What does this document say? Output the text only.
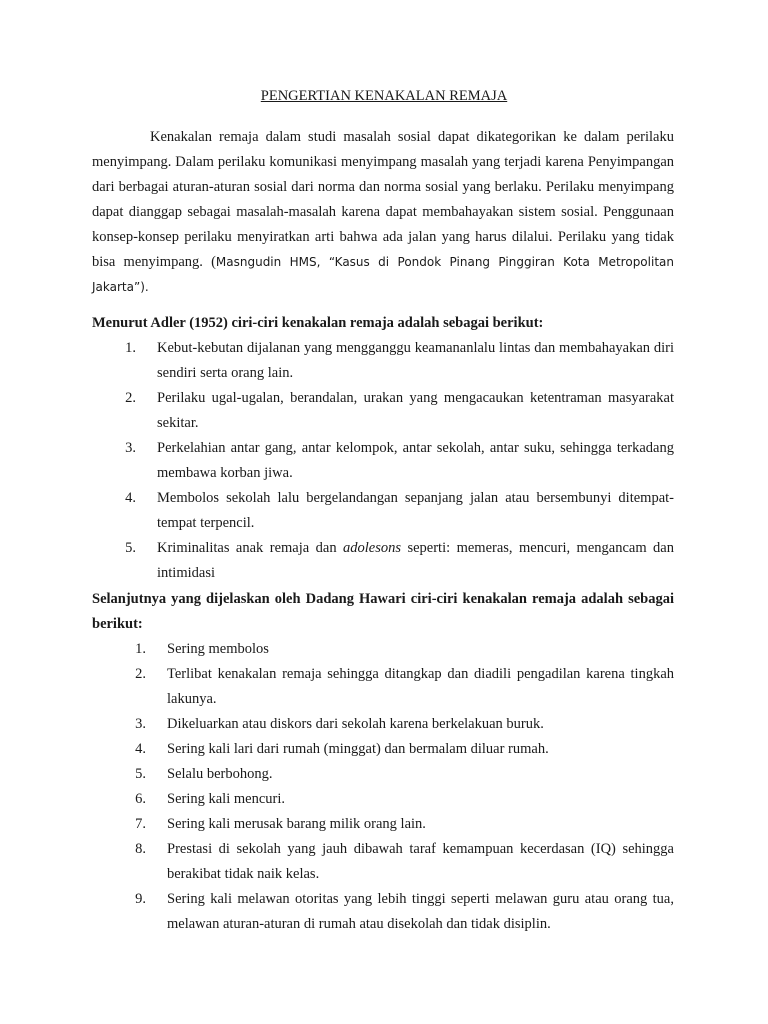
PENGERTIAN KENAKALAN REMAJA
Kenakalan remaja dalam studi masalah sosial dapat dikategorikan ke dalam perilaku menyimpang. Dalam perilaku komunikasi menyimpang masalah yang terjadi karena Penyimpangan dari berbagai aturan-aturan sosial dari norma dan norma sosial yang berlaku. Perilaku menyimpang dapat dianggap sebagai masalah-masalah karena dapat membahayakan sistem sosial. Penggunaan konsep-konsep perilaku menyiratkan arti bahwa ada jalan yang harus dilalui. Perilaku yang tidak bisa menyimpang. (Masngudin HMS, “Kasus di Pondok Pinang Pinggiran Kota Metropolitan Jakarta”).
Menurut Adler (1952) ciri-ciri kenakalan remaja adalah sebagai berikut:
1. Kebut-kebutan dijalanan yang mengganggu keamananlalu lintas dan membahayakan diri sendiri serta orang lain.
2. Perilaku ugal-ugalan, berandalan, urakan yang mengacaukan ketentraman masyarakat sekitar.
3. Perkelahian antar gang, antar kelompok, antar sekolah, antar suku, sehingga terkadang membawa korban jiwa.
4. Membolos sekolah lalu bergelandangan sepanjang jalan atau bersembunyi ditempat-tempat terpencil.
5. Kriminalitas anak remaja dan adolesons seperti: memeras, mencuri, mengancam dan intimidasi
Selanjutnya yang dijelaskan oleh Dadang Hawari ciri-ciri kenakalan remaja adalah sebagai berikut:
1. Sering membolos
2. Terlibat kenakalan remaja sehingga ditangkap dan diadili pengadilan karena tingkah lakunya.
3. Dikeluarkan atau diskors dari sekolah karena berkelakuan buruk.
4. Sering kali lari dari rumah (minggat) dan bermalam diluar rumah.
5. Selalu berbohong.
6. Sering kali mencuri.
7. Sering kali merusak barang milik orang lain.
8. Prestasi di sekolah yang jauh dibawah taraf kemampuan kecerdasan (IQ) sehingga berakibat tidak naik kelas.
9. Sering kali melawan otoritas yang lebih tinggi seperti melawan guru atau orang tua, melawan aturan-aturan di rumah atau disekolah dan tidak disiplin.
